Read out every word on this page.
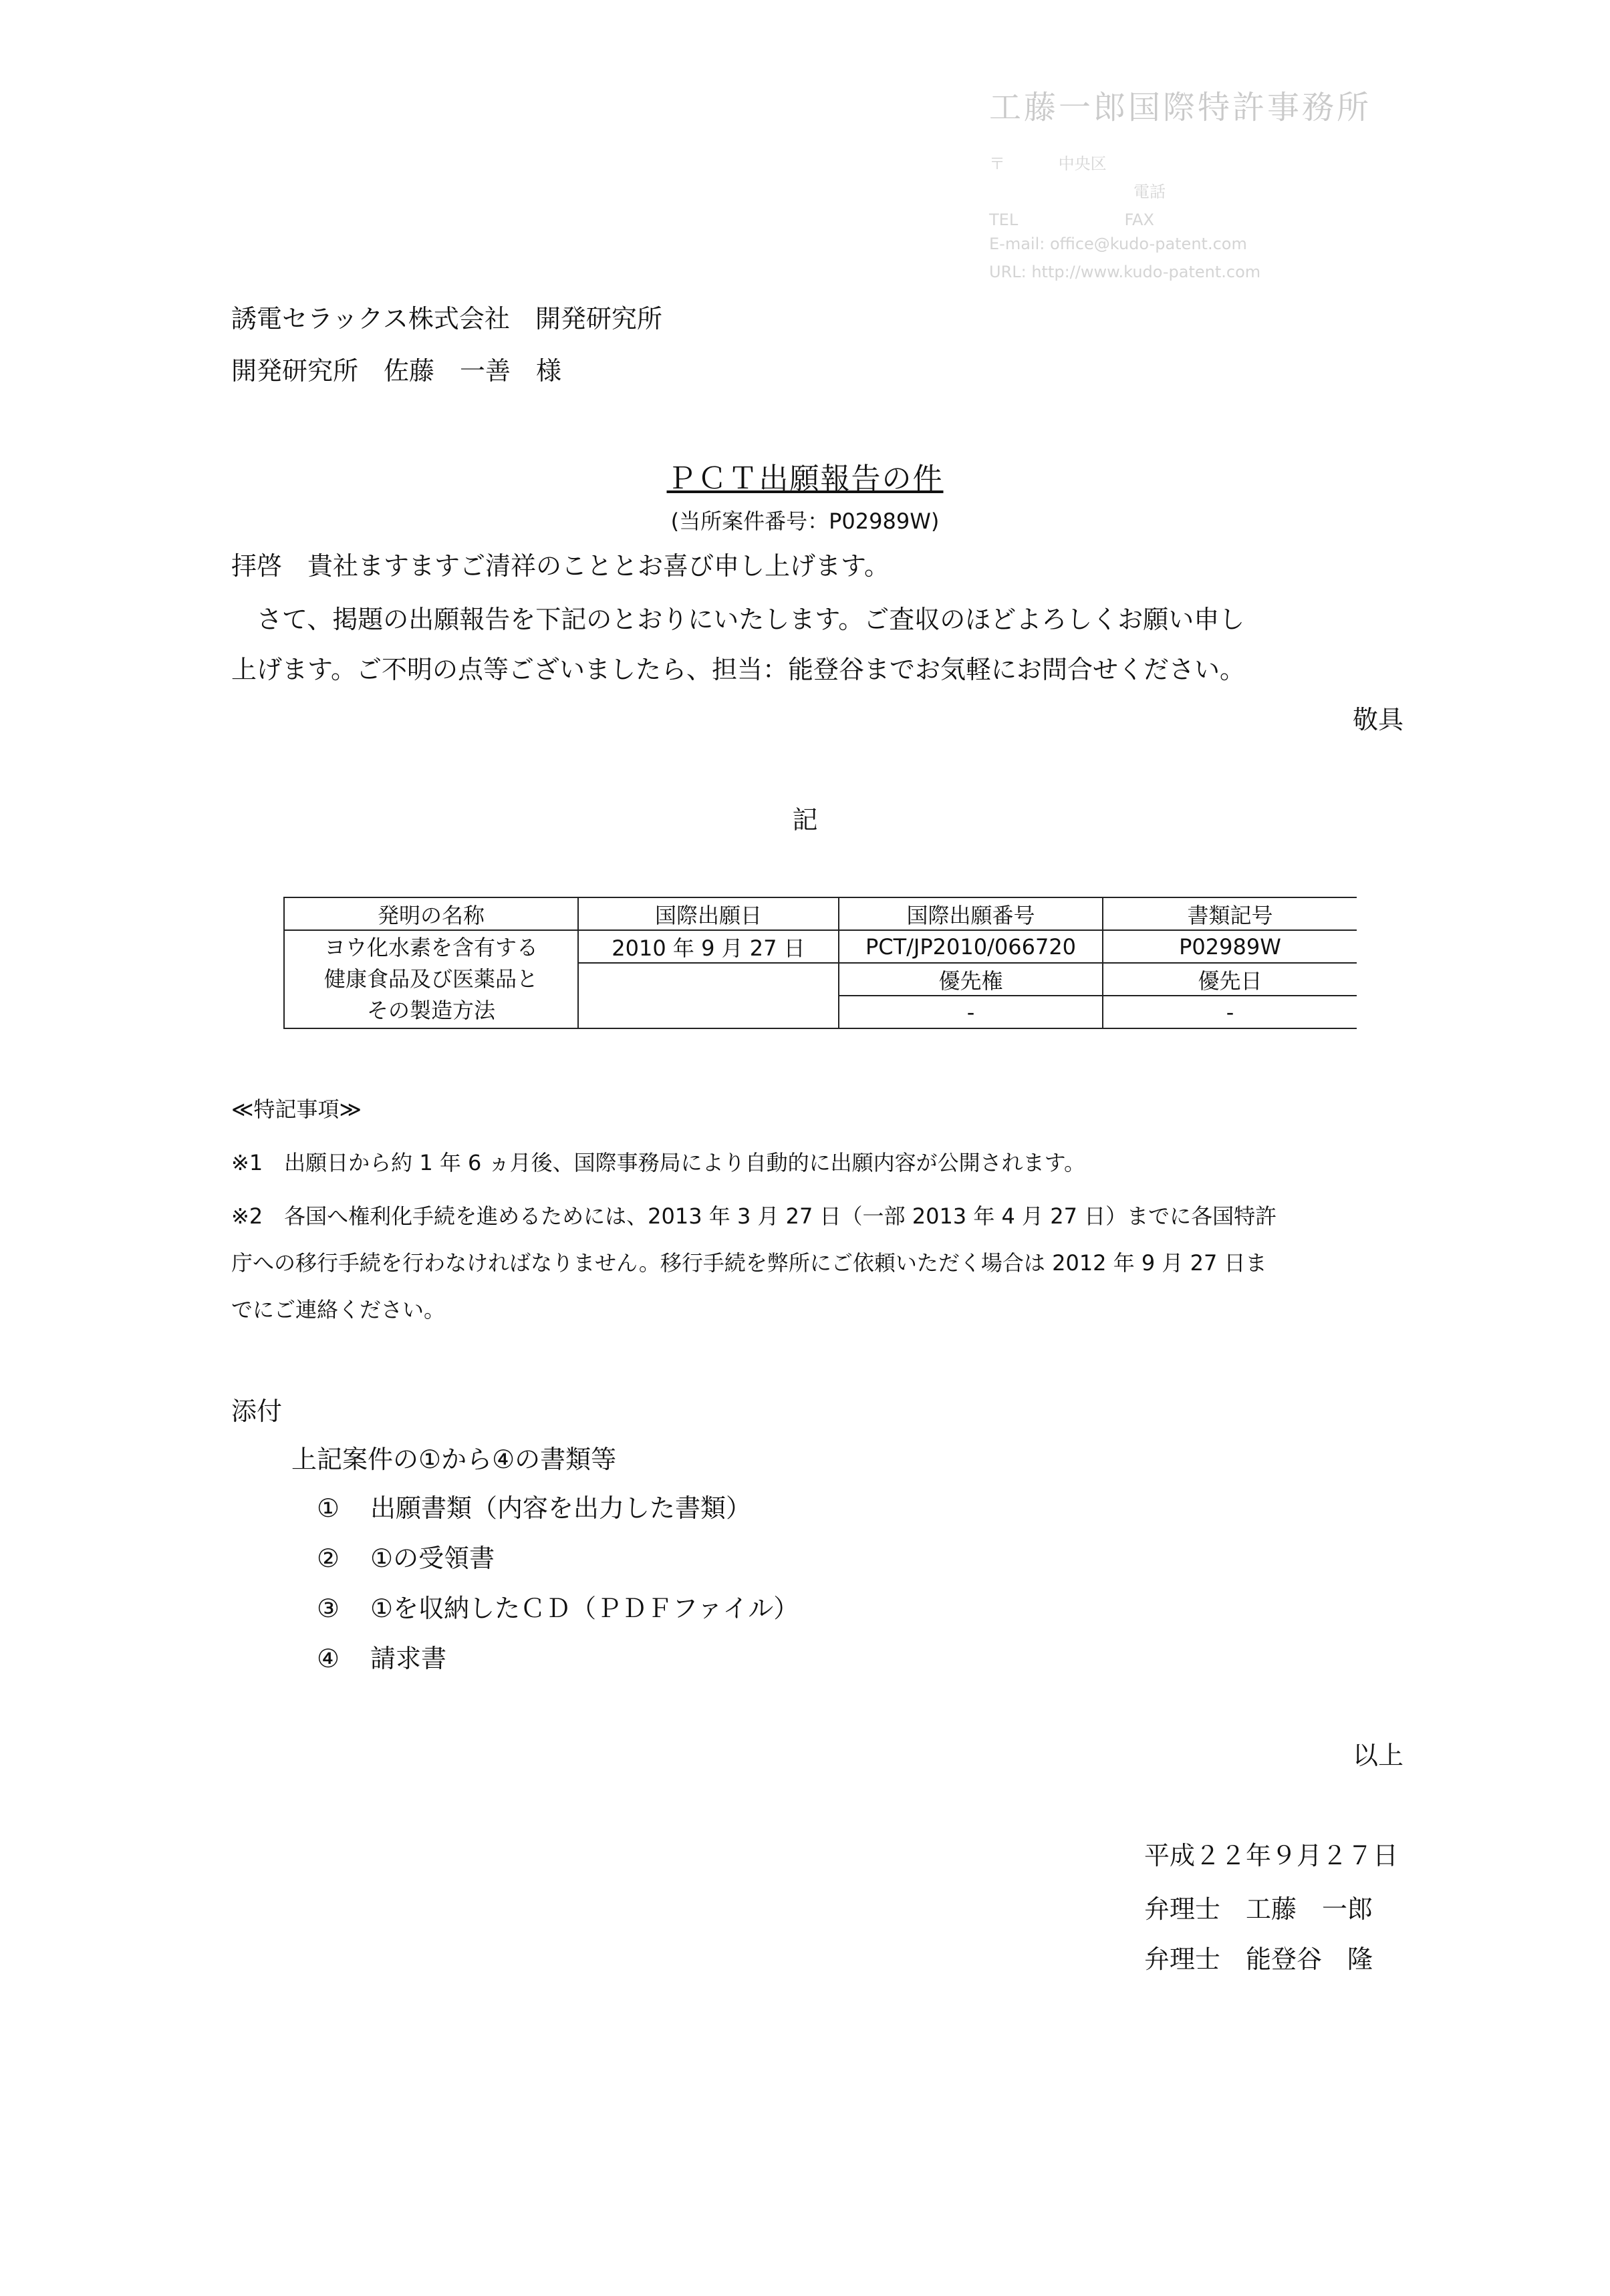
工藤一郎国際特許事務所
〒 　　　中央区　　　 　 　
　　　　　　　　　電話 　　　　
TEL 　　　　　 　FAX 　　
E-mail: office@kudo-patent.com
URL: http://www.kudo-patent.com
誘電セラックス株式会社　開発研究所
開発研究所　佐藤　一善　様
ＰＣＴ出願報告の件
(当所案件番号：P02989W)
拝啓　貴社ますますご清祥のこととお喜び申し上げます。
　さて、掲題の出願報告を下記のとおりにいたします。ご査収のほどよろしくお願い申し
上げます。ご不明の点等ございましたら、担当：能登谷までお気軽にお問合せください。
敬具
記
発明の名称	国際出願日	国際出願番号	書類記号

ヨウ化水素を含有する
健康食品及び医薬品と
その製造方法	2010 年 9 月 27 日	PCT/JP2010/066720	P02989W
		優先権	優先日
		-	-
≪特記事項≫
※1　出願日から約 1 年 6 ヵ月後、国際事務局により自動的に出願内容が公開されます。
※2　各国へ権利化手続を進めるためには、2013 年 3 月 27 日（一部 2013 年 4 月 27 日）までに各国特許
庁への移行手続を行わなければなりません。移行手続を弊所にご依頼いただく場合は 2012 年 9 月 27 日ま
でにご連絡ください。
添付
上記案件の①から④の書類等
① 出願書類（内容を出力した書類）
② ①の受領書
③ ①を収納したＣＤ（ＰＤＦファイル）
④ 請求書
以上
平成２２年９月２７日
弁理士　工藤　一郎
弁理士　能登谷　隆
